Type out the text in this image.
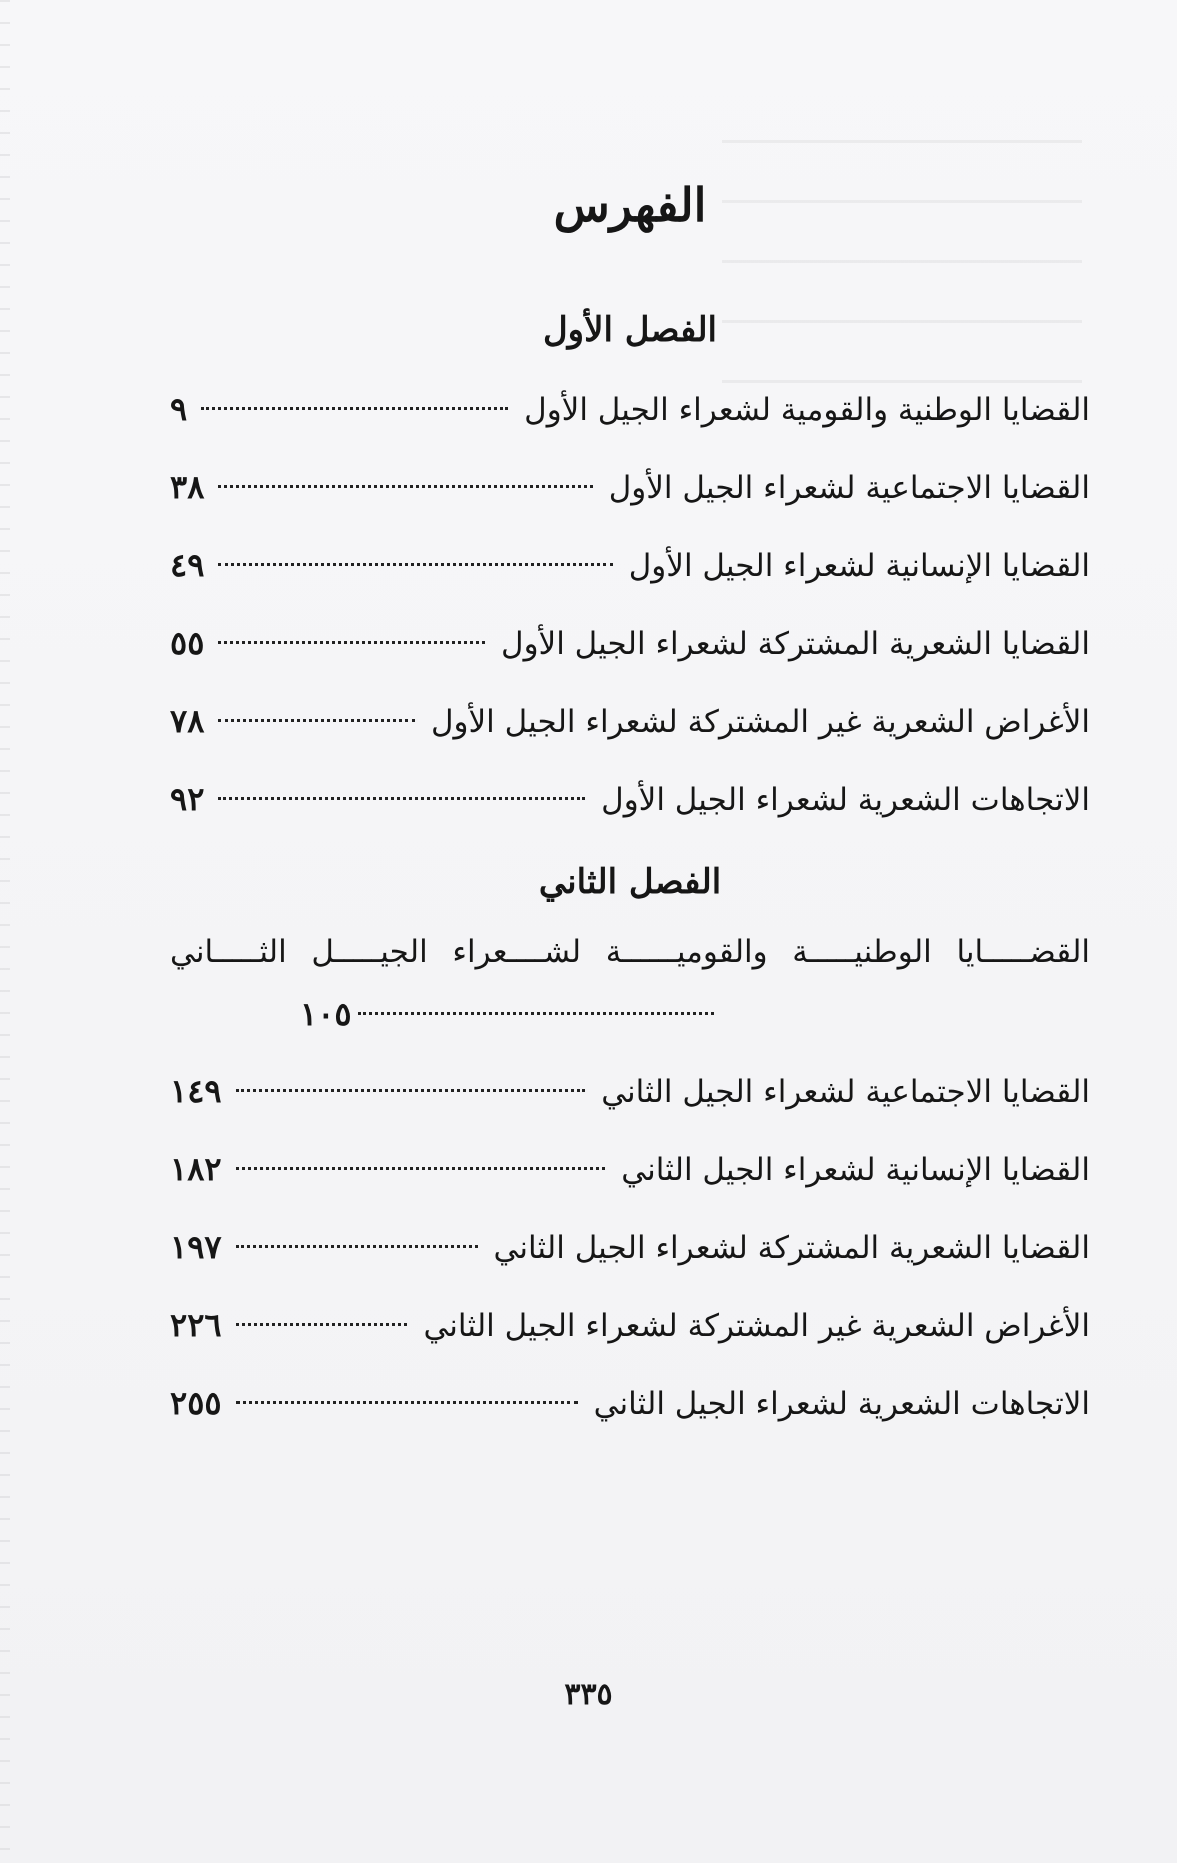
الفهرس
الفصل الأول
القضايا الوطنية والقومية لشعراء الجيل الأول
٩
القضايا الاجتماعية لشعراء الجيل الأول
٣٨
القضايا الإنسانية لشعراء الجيل الأول
٤٩
القضايا الشعرية المشتركة لشعراء الجيل الأول
٥٥
الأغراض الشعرية غير المشتركة لشعراء الجيل الأول
٧٨
الاتجاهات الشعرية لشعراء الجيل الأول
٩٢
الفصل الثاني
القضـــــايا الوطنيـــــة والقوميــــــة لشــــعراء الجيـــــل الثـــــاني
١٠٥
القضايا الاجتماعية لشعراء الجيل الثاني
١٤٩
القضايا الإنسانية لشعراء الجيل الثاني
١٨٢
القضايا الشعرية المشتركة لشعراء الجيل الثاني
١٩٧
الأغراض الشعرية غير المشتركة لشعراء الجيل الثاني
٢٢٦
الاتجاهات الشعرية لشعراء الجيل الثاني
٢٥٥
٣٣٥
